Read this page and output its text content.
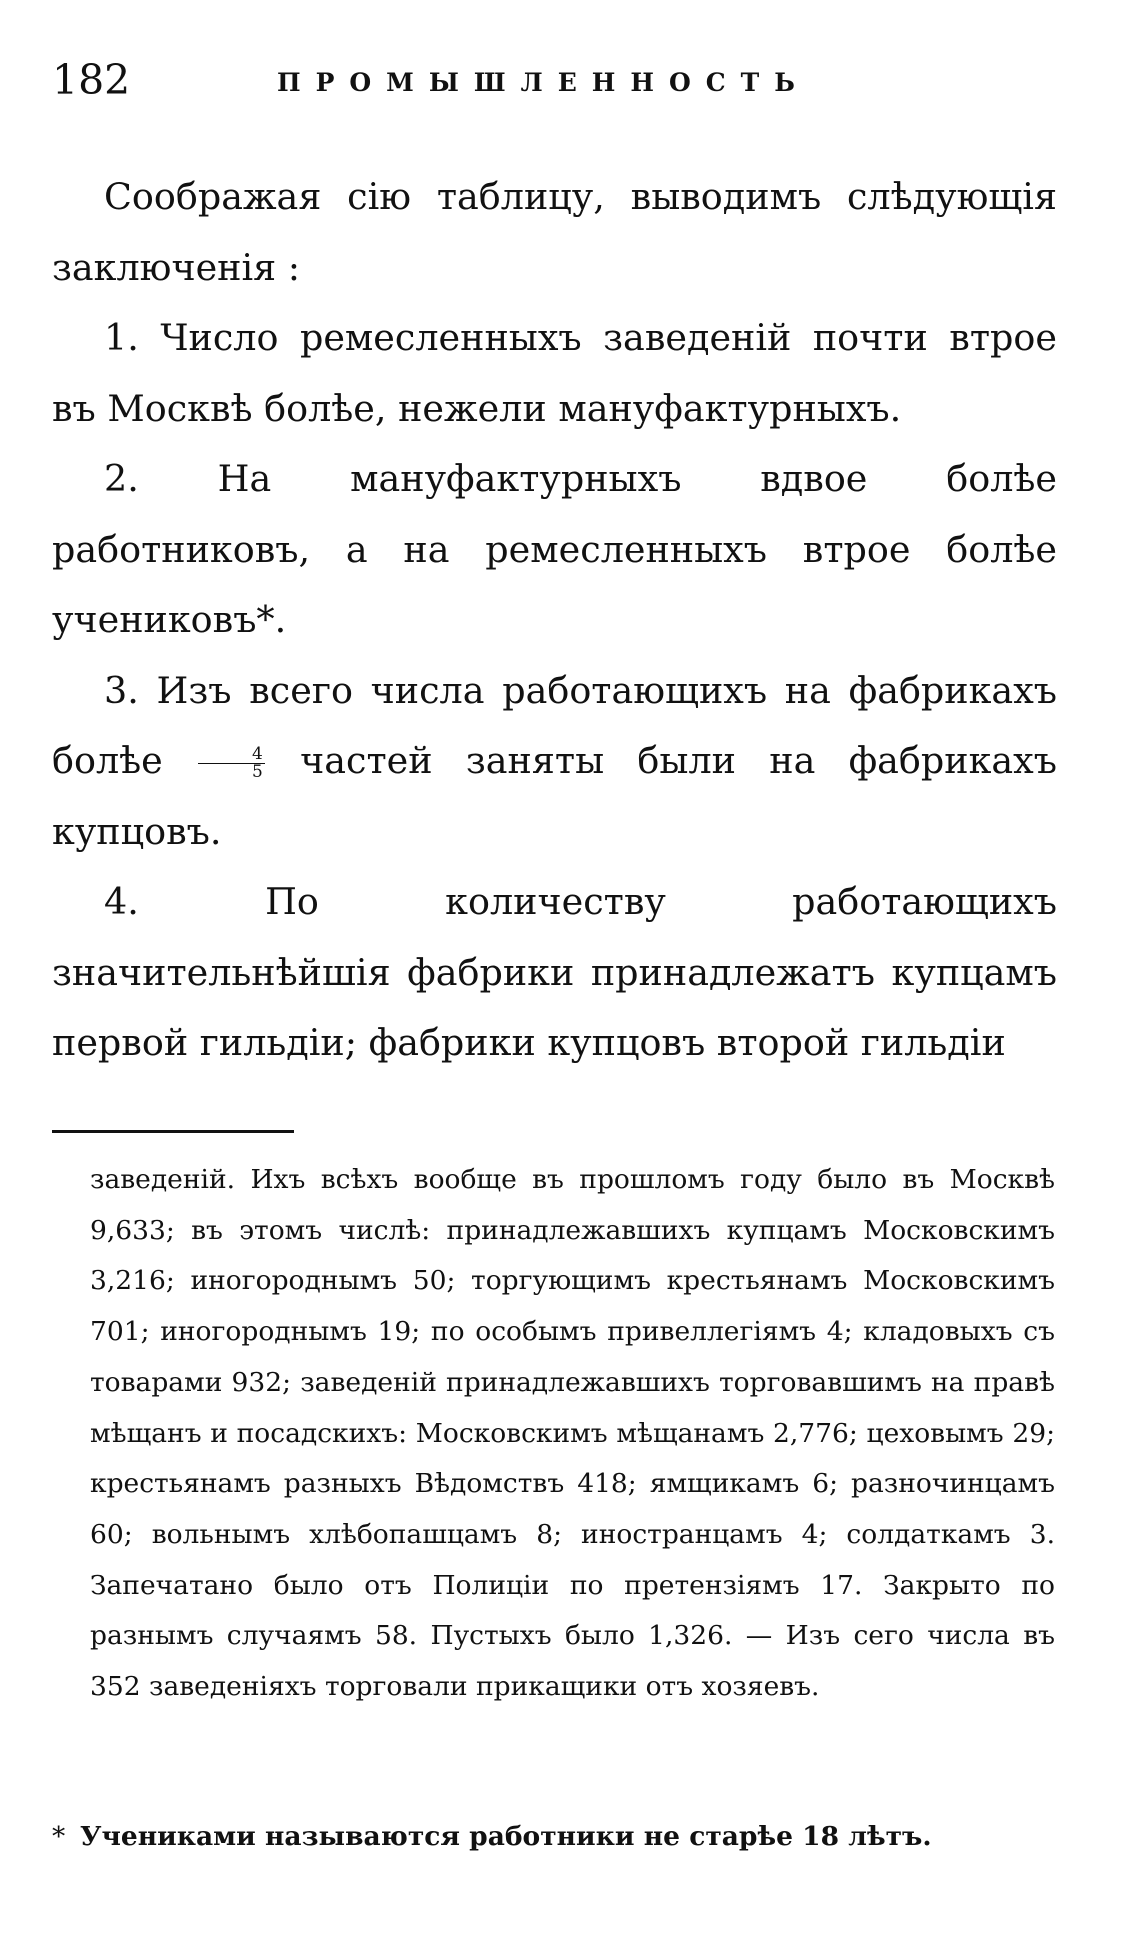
182	ПРОМЫШЛЕННОСТЬ

Соображая сію таблицу, выводимъ слѣдующія заключенія :

1. Число ремесленныхъ заведеній почти втрое въ Москвѣ болѣе, нежели мануфактурныхъ.

2. На мануфактурныхъ вдвое болѣе работниковъ, а на ремесленныхъ втрое болѣе учениковъ*.

3. Изъ всего числа работающихъ на фабрикахъ болѣе $\frac{4}{5}$ частей заняты были на фабрикахъ купцовъ.

4. По количеству работающихъ значительнѣйшія фабрики принадлежатъ купцамъ первой гильдіи; фабрики купцовъ второй гильдіи

заведеній. Ихъ всѣхъ вообще въ прошломъ году было въ Москвѣ 9,633; въ этомъ числѣ: принадлежавшихъ купцамъ Московскимъ 3,216; иногороднымъ 50; торгующимъ крестьянамъ Московскимъ 701; иногороднымъ 19; по особымъ привеллегіямъ 4; кладовыхъ съ товарами 932; заведеній принадлежавшихъ торговавшимъ на правѣ мѣщанъ и посадскихъ: Московскимъ мѣщанамъ 2,776; цеховымъ 29; крестьянамъ разныхъ Вѣдомствъ 418; ямщикамъ 6; разночинцамъ 60; вольнымъ хлѣбопашцамъ 8; иностранцамъ 4; солдаткамъ 3. Запечатано было отъ Полиціи по претензіямъ 17. Закрыто по разнымъ случаямъ 58. Пустыхъ было 1,326. — Изъ сего числа въ 352 заведеніяхъ торговали прикащики отъ хозяевъ.

* Учениками называются работники не старѣе 18 лѣтъ.
